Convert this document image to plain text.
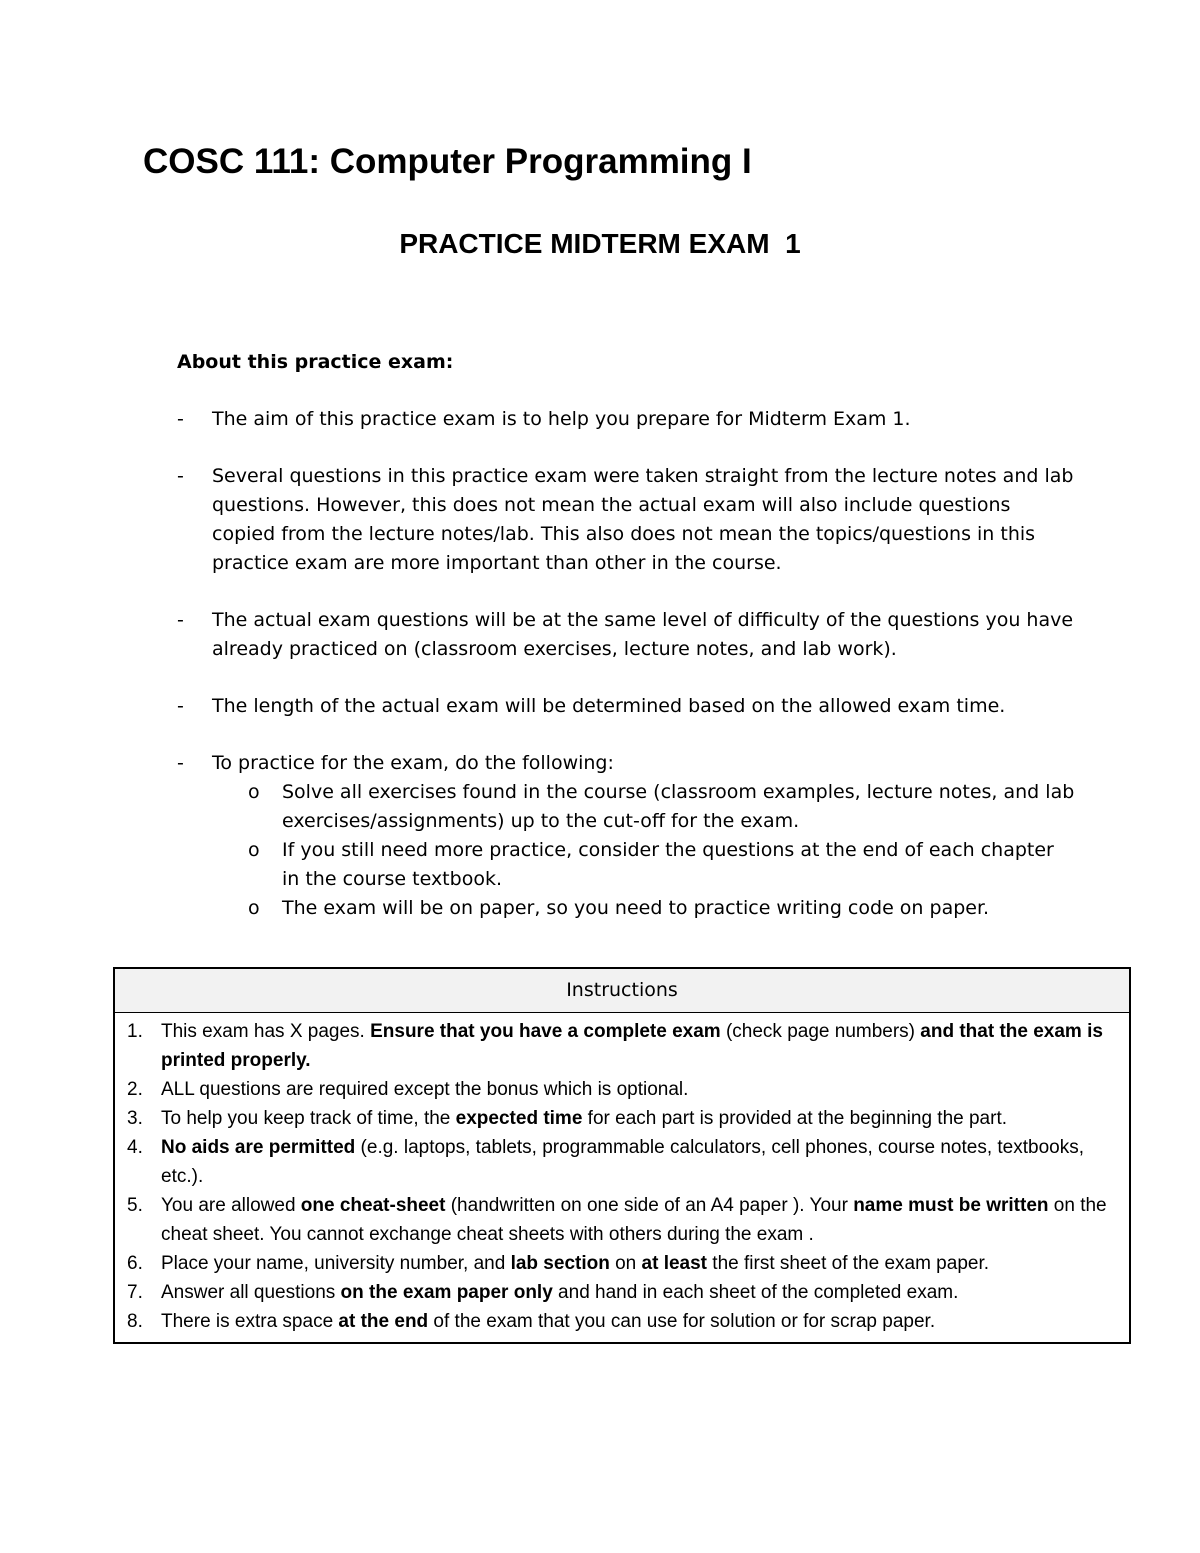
COSC 111: Computer Programming I
PRACTICE MIDTERM EXAM  1
About this practice exam:
- The aim of this practice exam is to help you prepare for Midterm Exam 1.
- Several questions in this practice exam were taken straight from the lecture notes and lab questions. However, this does not mean the actual exam will also include questions copied from the lecture notes/lab. This also does not mean the topics/questions in this practice exam are more important than other in the course.
- The actual exam questions will be at the same level of difficulty of the questions you have already practiced on (classroom exercises, lecture notes, and lab work).
- The length of the actual exam will be determined based on the allowed exam time.
- To practice for the exam, do the following:
o Solve all exercises found in the course (classroom examples, lecture notes, and lab exercises/assignments) up to the cut-off for the exam.
o If you still need more practice, consider the questions at the end of each chapter in the course textbook.
o The exam will be on paper, so you need to practice writing code on paper.
Instructions
1. This exam has X pages. Ensure that you have a complete exam (check page numbers) and that the exam is printed properly.
2. ALL questions are required except the bonus which is optional.
3. To help you keep track of time, the expected time for each part is provided at the beginning the part.
4. No aids are permitted (e.g. laptops, tablets, programmable calculators, cell phones, course notes, textbooks, etc.).
5. You are allowed one cheat-sheet (handwritten on one side of an A4 paper ). Your name must be written on the cheat sheet. You cannot exchange cheat sheets with others during the exam .
6. Place your name, university number, and lab section on at least the first sheet of the exam paper.
7. Answer all questions on the exam paper only and hand in each sheet of the completed exam.
8. There is extra space at the end of the exam that you can use for solution or for scrap paper.
